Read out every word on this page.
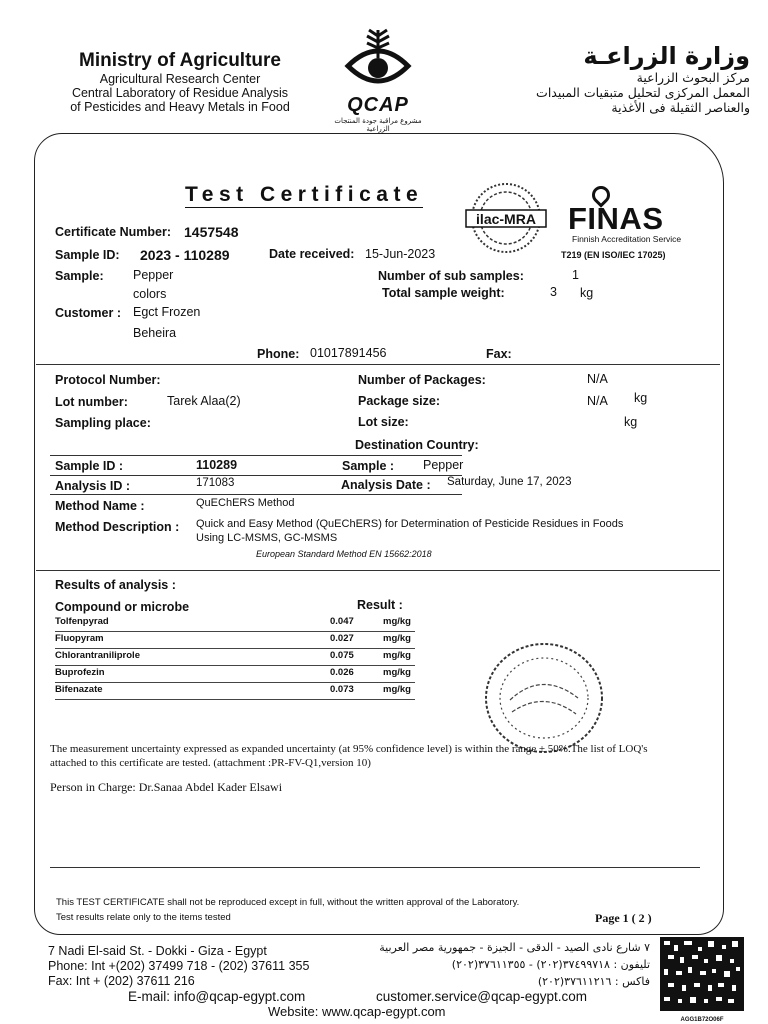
Ministry of Agriculture
Agricultural Research Center
Central Laboratory of Residue Analysis
of Pesticides and Heavy Metals in Food	QCAP
مشروع مراقبة جودة المنتجات الزراعية
وزارة الزراعـة
مركز البحوث الزراعية
المعمل المركزى لتحليل متبقيات المبيدات
والعناصر الثقيلة فى الأغذية
Test Certificate
ilac-MRA FINAS
Finnish Accreditation Service
T219 (EN ISO/IEC 17025)
Certificate Number: 1457548
Sample ID: 2023 - 110289	Date received: 15-Jun-2023
Sample: Pepper
colors
Number of sub samples:	1
Total sample weight:	3 kg
Customer : Egct Frozen
Beheira
Phone: 01017891456	Fax:
Protocol Number:	Number of Packages:	N/A
Lot number:	Tarek Alaa(2)	Package size:	N/A kg
Sampling place:	Lot size:	kg
Destination Country:
Sample ID :	110289	Sample : Pepper
Analysis ID :	171083	Analysis Date : Saturday, June 17, 2023
Method Name :	QuEChERS Method
Method Description : Quick and Easy Method (QuEChERS) for Determination of Pesticide Residues in Foods
Using LC-MSMS, GC-MSMS
European Standard Method EN 15662:2018
Results of analysis :
Compound or microbe	Result :
Tolfenpyrad	0.047	mg/kg
Fluopyram	0.027	mg/kg
Chlorantraniliprole	0.075	mg/kg
Buprofezin	0.026	mg/kg
Bifenazate	0.073	mg/kg
The measurement uncertainty expressed as expanded uncertainty (at 95% confidence level) is within the range ± 50%.The list of LOQ's
attached to this certificate are tested. (attachment :PR-FV-Q1,version 10)
Person in Charge: Dr.Sanaa Abdel Kader Elsawi
This TEST CERTIFICATE shall not be reproduced except in full, without the written approval of the Laboratory.
Test results relate only to the items tested	Page 1 ( 2 )
7 Nadi El-said St. - Dokki - Giza - Egypt
Phone: Int +(202) 37499 718 - (202) 37611 355
Fax: Int + (202) 37611 216
E-mail: info@qcap-egypt.com	customer.service@qcap-egypt.com
Website: www.qcap-egypt.com
٧ شارع نادى الصيد - الدقى - الجيزة - جمهورية مصر العربية
تليفون : ٣٧٤٩٩٧١٨(٢٠٢) - ٣٧٦١١٣٥٥(٢٠٢)
فاكس : ٣٧٦١١٢١٦(٢٠٢)
AGG1B72O06F
